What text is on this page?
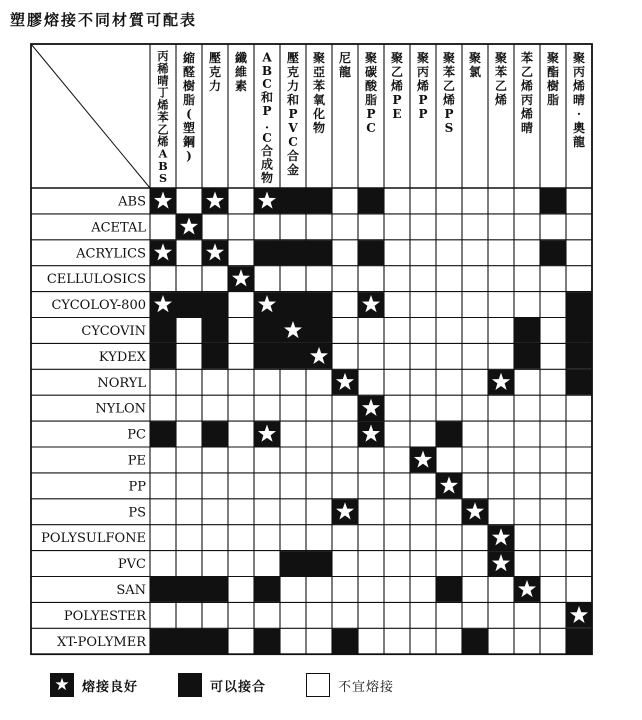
塑膠熔接不同材質可配表
丙稀晴丁烯苯乙烯 A B S
縮醛樹脂(塑鋼)
壓克力
纖維素
A B C 和 P . C 合成物
壓克力和 P V C 合金
聚亞苯氧化物
尼龍
聚碳酸脂 P C
聚乙烯 P E
聚丙烯 P P
聚苯乙烯 P S
聚氯
聚苯乙烯
苯乙烯丙烯晴
聚酯樹脂
聚丙烯晴·奧龍
ABS
ACETAL
ACRYLICS
CELLULOSICS
CYCOLOY-800
CYCOVIN
KYDEX
NORYL
NYLON
PC
PE
PP
PS
POLYSULFONE
PVC
SAN
POLYESTER
XT-POLYMER
★ 熔接良好	可以接合	不宜熔接
